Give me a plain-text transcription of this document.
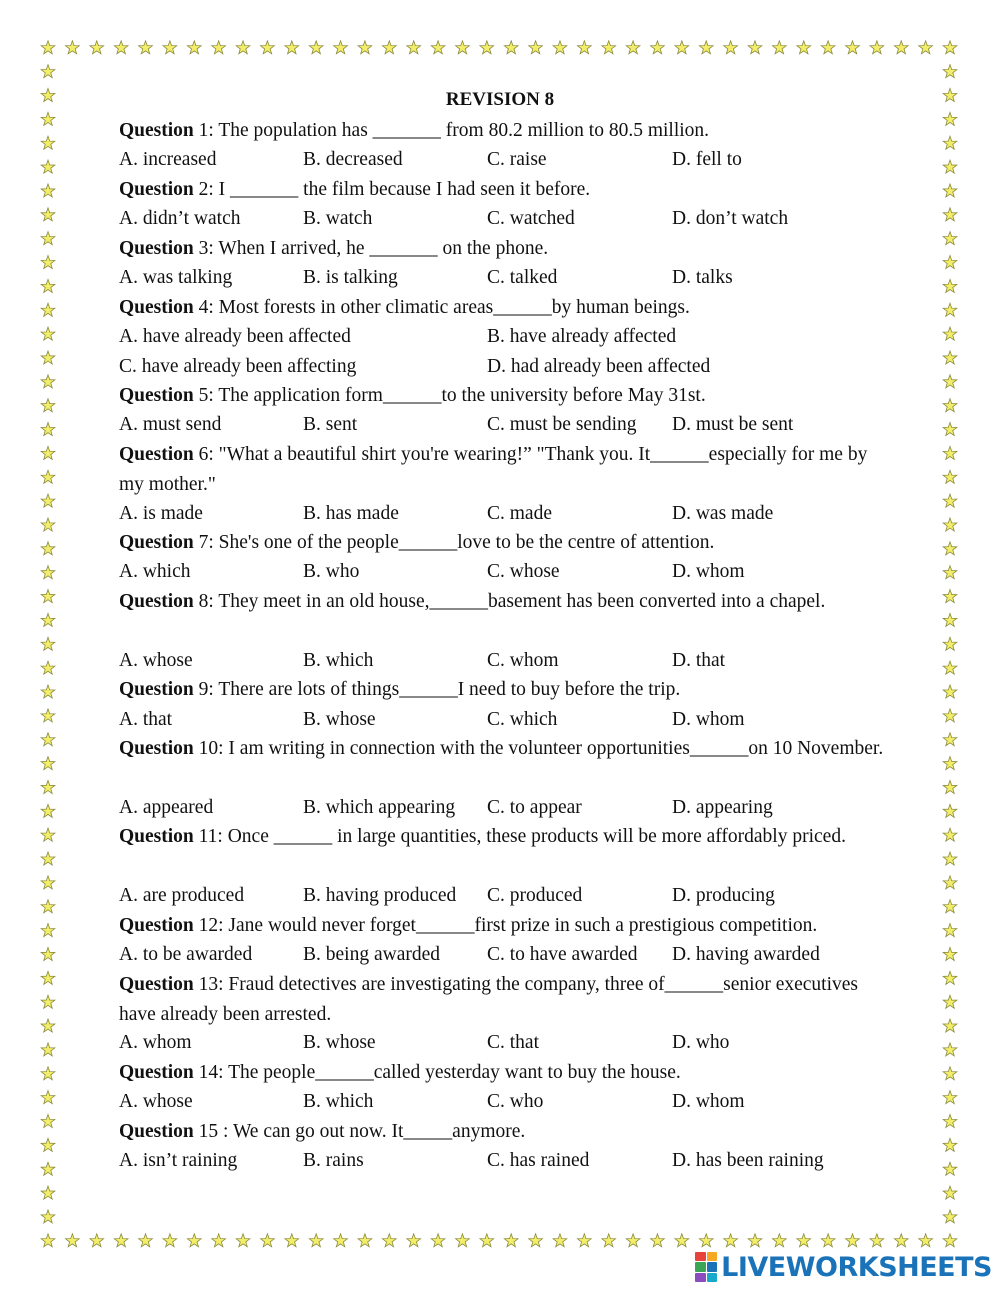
REVISION 8

Question 1: The population has _______ from 80.2 million to 80.5 million.

A. increased	B. decreased	C. raise	D. fell to

Question 2: I _______ the film because I had seen it before.

A. didn’t watch	B. watch	C. watched	D. don’t watch

Question 3: When I arrived, he _______ on the phone.

A. was talking	B. is talking	C. talked	D. talks

Question 4: Most forests in other climatic areas______by human beings.

A. have already been affected	B. have already affected
C. have already been affecting	D. had already been affected

Question 5: The application form______to the university before May 31st.

A. must send	B. sent	C. must be sending D. must be sent

Question 6: "What a beautiful shirt you're wearing!” "Thank you. It______especially for me by my mother."

A. is made	B. has made	C. made	D. was made

Question 7: She's one of the people______love to be the centre of attention.

A. which	B. who	C. whose	D. whom

Question 8: They meet in an old house,______basement has been converted into a chapel.

A. whose	B. which	C. whom	D. that

Question 9: There are lots of things______I need to buy before the trip.

A. that	B. whose	C. which	D. whom

Question 10: I am writing in connection with the volunteer opportunities______on 10 November.

A. appeared	B. which appearing C. to appear	D. appearing

Question 11: Once ______ in large quantities, these products will be more affordably priced.

A. are produced	B. having produced C. produced	D. producing

Question 12: Jane would never forget______first prize in such a prestigious competition.

A. to be awarded	B. being awarded C. to have awarded D. having awarded

Question 13: Fraud detectives are investigating the company, three of______senior executives have already been arrested.

A. whom	B. whose	C. that	D. who

Question 14: The people______called yesterday want to buy the house.

A. whose	B. which	C. who	D. whom

Question 15 : We can go out now. It_____anymore.

A. isn’t raining	B. rains	C. has rained	D. has been raining
LIVEWORKSHEETS
